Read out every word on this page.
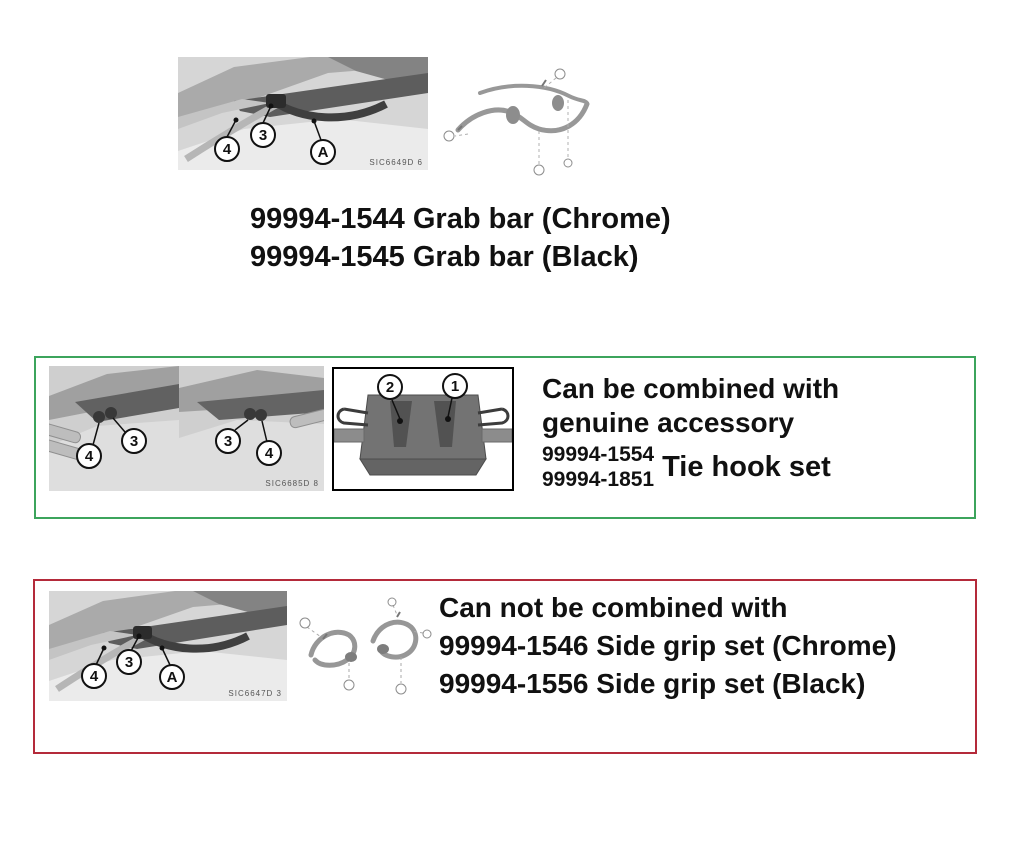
4
3
A
SIC6649D 6
99994-1544 Grab bar (Chrome)
99994-1545 Grab bar (Black)
4
3	3
4
SIC6685D 8
2	1	Can be combined with
genuine accessory
99994-1554
99994-1851 Tie hook set
4
3
A
SIC6647D 3
Can not be combined with
99994-1546 Side grip set (Chrome)
99994-1556 Side grip set (Black)
